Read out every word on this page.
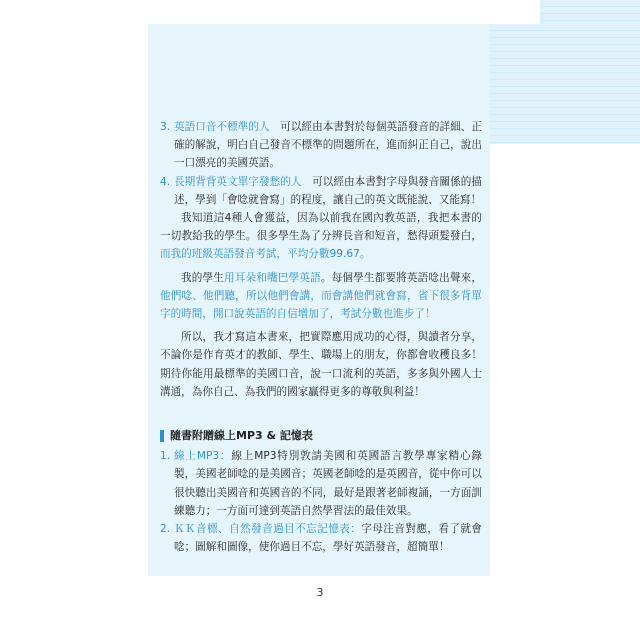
3. 英語口音不標準的人　可以經由本書對於每個英語發音的詳細、正確的解說，明白自己發音不標準的問題所在，進而糾正自己，說出一口漂亮的美國英語。

4. 長期背背英文單字發愁的人　可以經由本書對字母與發音關係的描述，學到「會唸就會寫」的程度，讓自己的英文既能說、又能寫！

我知道這4種人會獲益，因為以前我在國內教英語，我把本書的一切教給我的學生。很多學生為了分辨長音和短音，愁得頭髮發白，而我的班級英語發音考試，平均分數99.67。

我的學生用耳朵和嘴巴學英語。每個學生都要將英語唸出聲來，他們唸、他們聽，所以他們會講，而會講他們就會寫，省下很多背單字的時間，開口說英語的自信增加了，考試分數也進步了！

所以，我才寫這本書來，把實際應用成功的心得，與讀者分享，不論你是作育英才的教師、學生、職場上的朋友，你都會收穫良多！期待你能用最標準的美國口音，說一口流利的英語，多多與外國人士溝通，為你自己、為我們的國家贏得更多的尊敬與利益！

隨書附贈線上MP3 & 記憶表
1. 線上MP3：線上MP3特別敦請美國和英國語言教學專家精心錄製，美國老師唸的是美國音；英國老師唸的是英國音，從中你可以很快聽出美國音和英國音的不同，最好是跟著老師複誦，一方面訓練聽力；一方面可達到英語自然學習法的最佳效果。

2. ＫＫ音標、自然發音過目不忘記憶表：字母注音對應，看了就會唸；圖解和圖像，使你過目不忘，學好英語發音，超簡單！

3
